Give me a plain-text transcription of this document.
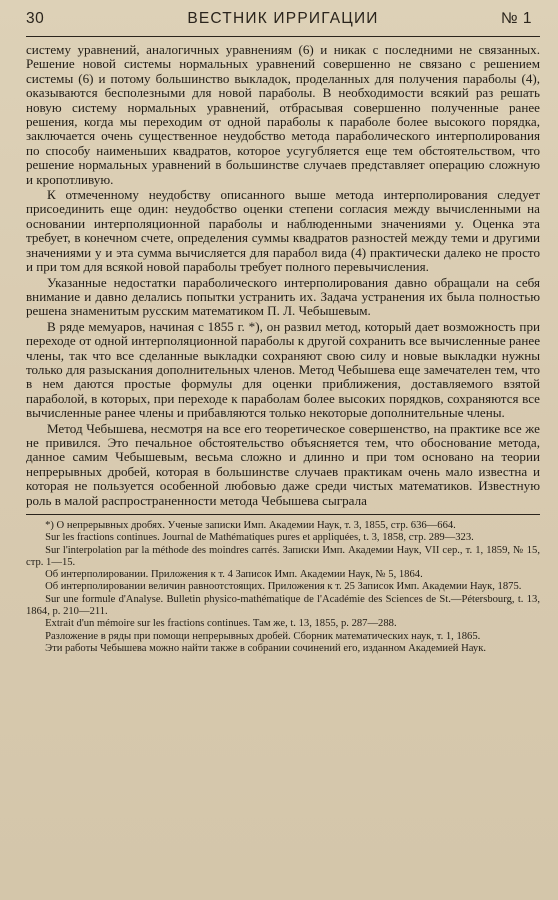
30	ВЕСТНИК ИРРИГАЦИИ	№ 1

систему уравнений, аналогичных уравнениям (6) и никак с последними не связанных. Решение новой системы нормальных уравнений совершенно не связано с решением системы (6) и потому большинство выкладок, проделанных для получения параболы (4), оказываются бесполезными для новой параболы. В необходимости всякий раз решать новую систему нормальных уравнений, отбрасывая совершенно полученные ранее решения, когда мы переходим от одной параболы к параболе более высокого порядка, заключается очень существенное неудобство метода параболического интерполирования по способу наименьших квадратов, которое усугубляется еще тем обстоятельством, что решение нормальных уравнений в большинстве случаев представляет операцию сложную и кропотливую.

К отмеченному неудобству описанного выше метода интерполирования следует присоединить еще один: неудобство оценки степени согласия между вычисленными на основании интерполяционной параболы и наблюденными значениями y. Оценка эта требует, в конечном счете, определения суммы квадратов разностей между теми и другими значениями y и эта сумма вычисляется для парабол вида (4) практически далеко не просто и при том для всякой новой параболы требует полного перевычисления.

Указанные недостатки параболического интерполирования давно обращали на себя внимание и давно делались попытки устранить их. Задача устранения их была полностью решена знаменитым русским математиком П. Л. Чебышевым.

В ряде мемуаров, начиная с 1855 г. *), он развил метод, который дает возможность при переходе от одной интерполяционной параболы к другой сохранить все вычисленные ранее члены, так что все сделанные выкладки сохраняют свою силу и новые выкладки нужны только для разыскания дополнительных членов. Метод Чебышева еще замечателен тем, что в нем даются простые формулы для оценки приближения, доставляемого взятой параболой, в которых, при переходе к параболам более высоких порядков, сохраняются все вычисленные ранее члены и прибавляются только некоторые дополнительные члены.

Метод Чебышева, несмотря на все его теоретическое совершенство, на практике все же не привился. Это печальное обстоятельство объясняется тем, что обоснование метода, данное самим Чебышевым, весьма сложно и длинно и при том основано на теории непрерывных дробей, которая в большинстве случаев практикам очень мало известна и которая не пользуется особенной любовью даже среди чистых математиков. Известную роль в малой распространенности метода Чебышева сыграла

*) О непрерывных дробях. Ученые записки Имп. Академии Наук, т. 3, 1855, стр. 636—664.

Sur les fractions continues. Journal de Mathématiques pures et appliquées, t. 3, 1858, стр. 289—323.

Sur l'interpolation par la méthode des moindres carrés. Записки Имп. Академии Наук, VII сер., т. 1, 1859, № 15, стр. 1—15.

Об интерполировании. Приложения к т. 4 Записок Имп. Академии Наук, № 5, 1864.

Об интерполировании величин равноотстоящих. Приложения к т. 25 Записок Имп. Академии Наук, 1875.

Sur une formule d'Analyse. Bulletin physico-mathématique de l'Académie des Sciences de St.—Pétersbourg, t. 13, 1864, p. 210—211.

Extrait d'un mémoire sur les fractions continues. Там же, t. 13, 1855, p. 287—288.

Разложение в ряды при помощи непрерывных дробей. Сборник математических наук, т. 1, 1865.

Эти работы Чебышева можно найти также в собрании сочинений его, изданном Академией Наук.
